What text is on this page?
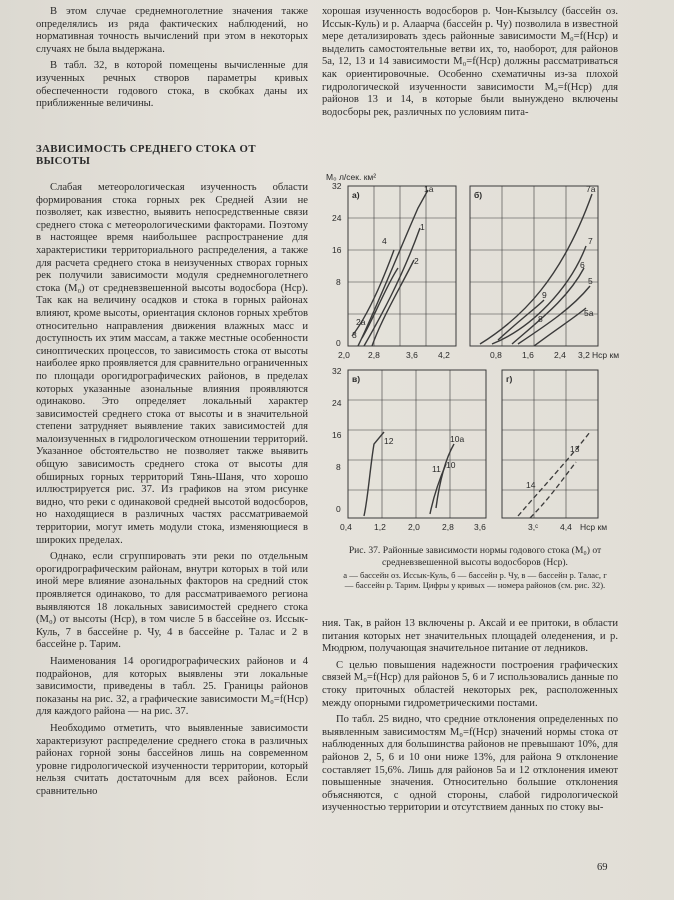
В этом случае среднемноголетние значения также определялись из ряда фактических наблюдений, но нормативная точность вычислений при этом в некоторых случаях не была выдержана.

В табл. 32, в которой помещены вычисленные для изученных речных створов параметры кривых обеспеченности годового стока, в скобках даны их приближенные величины.

ЗАВИСИМОСТЬ СРЕДНЕГО СТОКА ОТ ВЫСОТЫ

Слабая метеорологическая изученность области формирования стока горных рек Средней Азии не позволяет, как известно, выявить непосредственные связи среднего стока с метеорологическими факторами. Поэтому в настоящее время наибольшее распространение для характеристики территориального распределения, а также для расчета среднего стока в неизученных створах горных рек получили зависимости модуля среднемноголетнего стока (M₀) от средневзвешенной высоты водосбора (Hср). Так как на величину осадков и стока в горных районах влияют, кроме высоты, ориентация склонов горных хребтов относительно направления движения влажных масс и доступность их этим массам, а также местные особенности синоптических процессов, то зависимость стока от высоты наиболее ярко проявляется для сравнительно ограниченных по площади орогидрографических районов, в пределах которых указанные азональные влияния проявляются одинаково. Это определяет локальный характер зависимостей среднего стока от высоты и в значительной степени затрудняет выявление таких зависимостей для малоизученных в гидрологическом отношении территорий. Указанное обстоятельство не позволяет также выявить общую зависимость среднего стока от высоты для обширных горных территорий Тянь-Шаня, что хорошо иллюстрируется рис. 37. Из графиков на этом рисунке видно, что реки с одинаковой средней высотой водосборов, но находящиеся в различных частях рассматриваемой территории, могут иметь модули стока, изменяющиеся в широких пределах.

Однако, если сгруппировать эти реки по отдельным орогидрографическим районам, внутри которых в той или иной мере влияние азональных факторов на средний сток проявляется одинаково, то для рассматриваемого региона выявляются 18 локальных зависимостей среднего стока (M₀) от высоты (Hср), в том числе 5 в бассейне оз. Иссык-Куль, 7 в бассейне р. Чу, 4 в бассейне р. Талас и 2 в бассейне р. Тарим.

Наименования 14 орогидрографических районов и 4 подрайонов, для которых выявлены эти локальные зависимости, приведены в табл. 25. Границы районов показаны на рис. 32, а графические зависимости M₀=f(Hср) для каждого района — на рис. 37.

Необходимо отметить, что выявленные зависимости характеризуют распределение среднего стока в различных районах горной зоны бассейнов лишь на современном уровне гидрологической изученности территории, который нельзя считать достаточным для всех районов. Если сравнительно

хорошая изученность водосборов р. Чон-Кызылсу (бассейн оз. Иссык-Куль) и р. Алаарча (бассейн р. Чу) позволила в известной мере детализировать здесь районные зависимости M₀=f(Hср) и выделить самостоятельные ветви их, то, наоборот, для районов 5а, 12, 13 и 14 зависимости M₀=f(Hср) должны рассматриваться как ориентировочные. Особенно схематичны из-за плохой гидрологической изученности зависимости M₀=f(Hср) для районов 13 и 14, в которые были вынуждено включены водосборы рек, различных по условиям пита-

M₀ л/сек. км²
а)
1а
1
2
3
4
2а
2,0 2,8	3,6 4,2
32
24
16
8
0
б)
7а
7
6
5
5а
9
8
0,8 1,6 2,4 3,2 Hср км
32
24
16
8
0
в)
12	10а
10
11
0,4	1,2	2,0	2,8 3,6
г)
13
14
3,ᶜ	4,4 Hср км
Рис. 37. Районные зависимости нормы годового стока (M₀) от средневзвешенной высоты водосборов (Hср).
а — бассейн оз. Иссык-Куль, б — бассейн р. Чу, в — бассейн р. Талас, г — бассейн р. Тарим. Цифры у кривых — номера районов (см. рис. 32).

ния. Так, в район 13 включены р. Аксай и ее притоки, в области питания которых нет значительных площадей оледенения, и р. Мюдрюм, получающая значительное питание от ледников.

С целью повышения надежности построения графических связей M₀=f(Hср) для районов 5, 6 и 7 использовались данные по стоку приточных областей некоторых рек, расположенных между опорными гидрометрическими постами.

По табл. 25 видно, что средние отклонения определенных по выявленным зависимостям M₀=f(Hср) значений нормы стока от наблюденных для большинства районов не превышают 10%, для районов 2, 5, 6 и 10 они ниже 13%, для района 9 отклонение составляет 15,6%. Лишь для районов 5а и 12 отклонения имеют повышенные значения. Относительно большие отклонения объясняются, с одной стороны, слабой гидрологической изученностью территории и отсутствием данных по стоку вы-

69
